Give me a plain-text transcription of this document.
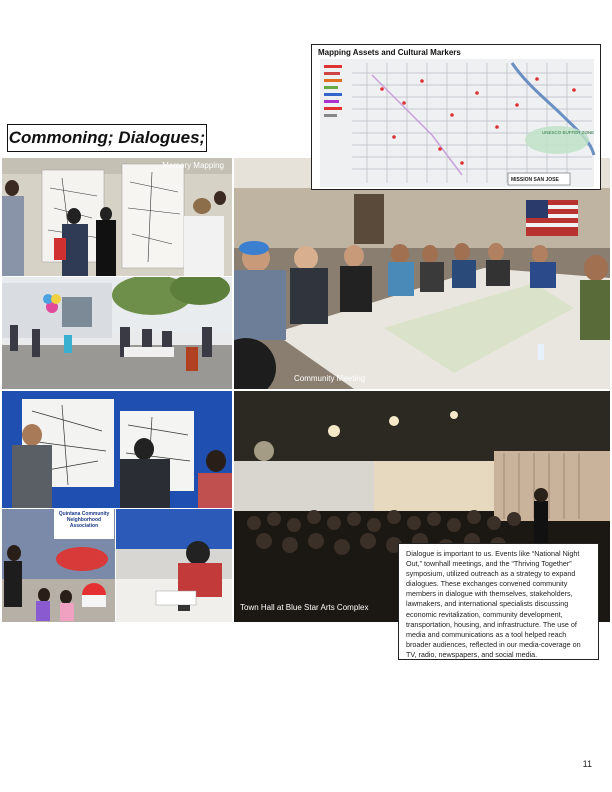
Commoning; Dialogues;
Mapping Assets and Cultural Markers
UNESCO BUFFER ZONE
MISSION SAN JOSE
Memory Mapping
Community Meeting
Quintana Community Neighborhood Association
Town Hall at Blue Star Arts Complex

Dialogue is important to us. Events like “National Night Out,” townhall meetings, and the “Thriving Together” symposium, utilized outreach as a strategy to expand dialogues. These exchanges convened community members in dialogue with themselves, stakeholders, lawmakers, and international specialists discussing economic revitalization, community development, transportation, housing, and infrastructure. The use of media and communications as a tool helped reach broader audiences, reflected in our media-coverage on TV, radio, newspapers, and social media.

11
